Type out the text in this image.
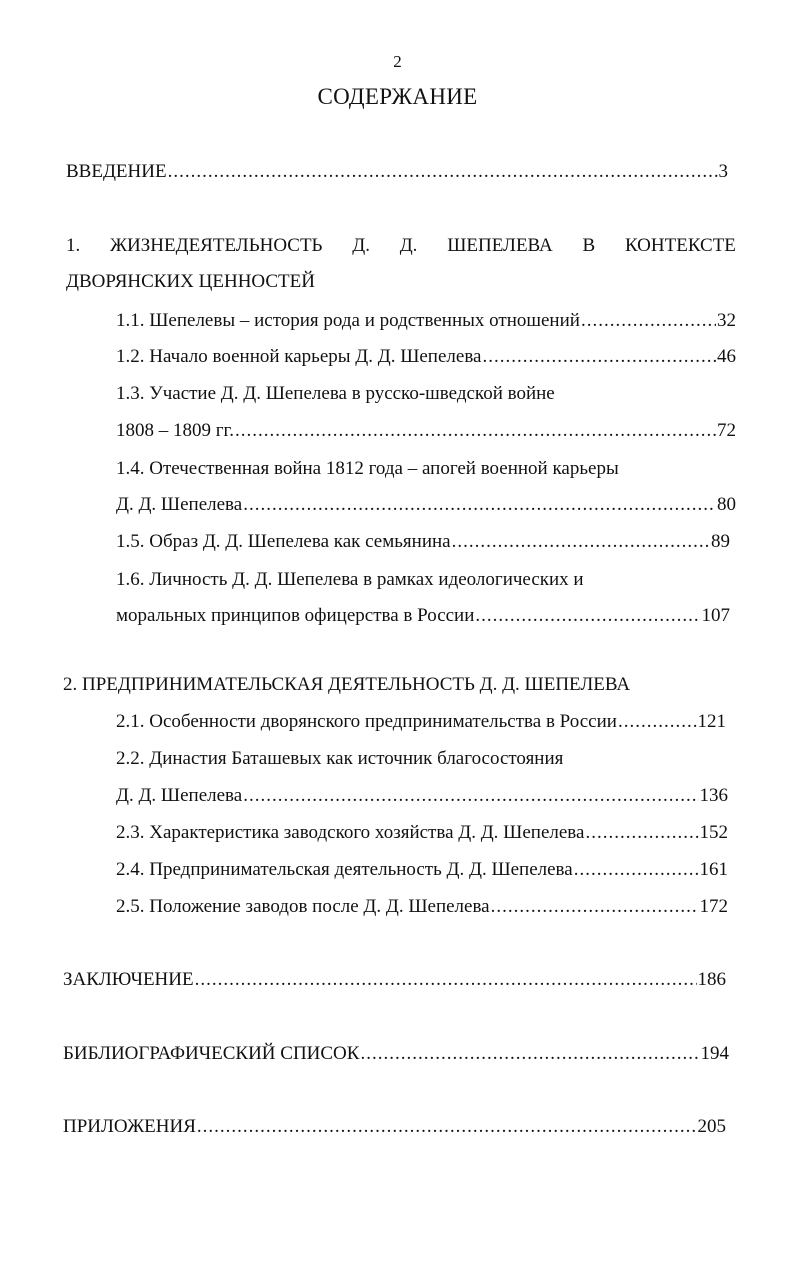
2
СОДЕРЖАНИЕ
ВВЕДЕНИЕ .....	3
1. ЖИЗНЕДЕЯТЕЛЬНОСТЬ Д. Д. ШЕПЕЛЕВА В КОНТЕКСТЕ
ДВОРЯНСКИХ ЦЕННОСТЕЙ
1.1. Шепелевы – история рода и родственных отношений .....	32
1.2. Начало военной карьеры Д. Д. Шепелева .....	46
1.3. Участие Д. Д. Шепелева в русско-шведской войне
1808 – 1809 гг. .....	72
1.4. Отечественная война 1812 года – апогей военной карьеры
Д. Д. Шепелева .....	80
1.5. Образ Д. Д. Шепелева как семьянина .....	89
1.6. Личность Д. Д. Шепелева в рамках идеологических и
моральных принципов офицерства в России .....	107
2. ПРЕДПРИНИМАТЕЛЬСКАЯ ДЕЯТЕЛЬНОСТЬ Д. Д. ШЕПЕЛЕВА
2.1. Особенности дворянского предпринимательства в России .....	121
2.2. Династия Баташевых как источник благосостояния
Д. Д. Шепелева .....	136
2.3. Характеристика заводского хозяйства Д. Д. Шепелева .....	152
2.4. Предпринимательская деятельность Д. Д. Шепелева .....	161
2.5. Положение заводов после Д. Д. Шепелева .....	172
ЗАКЛЮЧЕНИЕ .....	186
БИБЛИОГРАФИЧЕСКИЙ СПИСОК .....	194
ПРИЛОЖЕНИЯ .....	205
